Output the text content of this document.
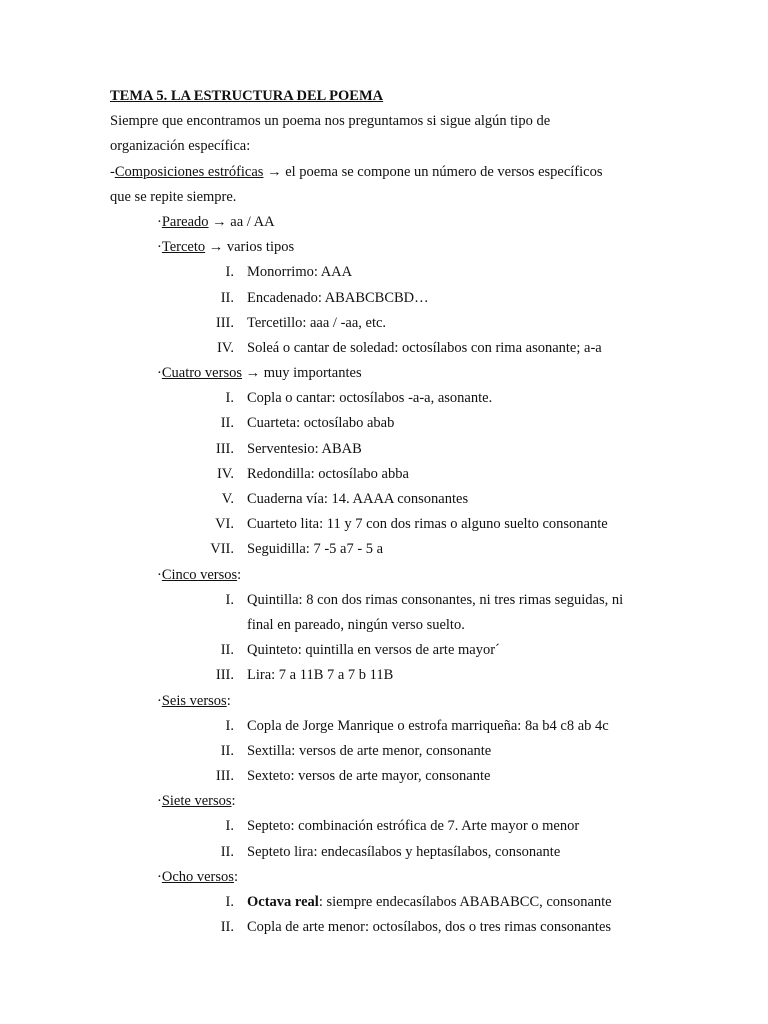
TEMA 5. LA ESTRUCTURA DEL POEMA
Siempre que encontramos un poema nos preguntamos si sigue algún tipo de
organización específica:
-Composiciones estróficas → el poema se compone un número de versos específicos
que se repite siempre.
·Pareado → aa / AA
·Terceto → varios tipos
I. Monorrimo: AAA
II. Encadenado: ABABCBCBD…
III. Tercetillo: aaa / -aa, etc.
IV. Soleá o cantar de soledad: octosílabos con rima asonante; a-a
·Cuatro versos → muy importantes
I. Copla o cantar: octosílabos -a-a, asonante.
II. Cuarteta: octosílabo abab
III. Serventesio: ABAB
IV. Redondilla: octosílabo abba
V. Cuaderna vía: 14. AAAA consonantes
VI. Cuarteto lita: 11 y 7 con dos rimas o alguno suelto consonante
VII. Seguidilla: 7 -5 a7 - 5 a
·Cinco versos:
I. Quintilla: 8 con dos rimas consonantes, ni tres rimas seguidas, ni
final en pareado, ningún verso suelto.
II. Quinteto: quintilla en versos de arte mayor´
III. Lira: 7 a 11B 7 a 7 b 11B
·Seis versos:
I. Copla de Jorge Manrique o estrofa marriqueña: 8a b4 c8 ab 4c
II. Sextilla: versos de arte menor, consonante
III. Sexteto: versos de arte mayor, consonante
·Siete versos:
I. Septeto: combinación estrófica de 7. Arte mayor o menor
II. Septeto lira: endecasílabos y heptasílabos, consonante
·Ocho versos:
I. Octava real: siempre endecasílabos ABABABCC, consonante
II. Copla de arte menor: octosílabos, dos o tres rimas consonantes
